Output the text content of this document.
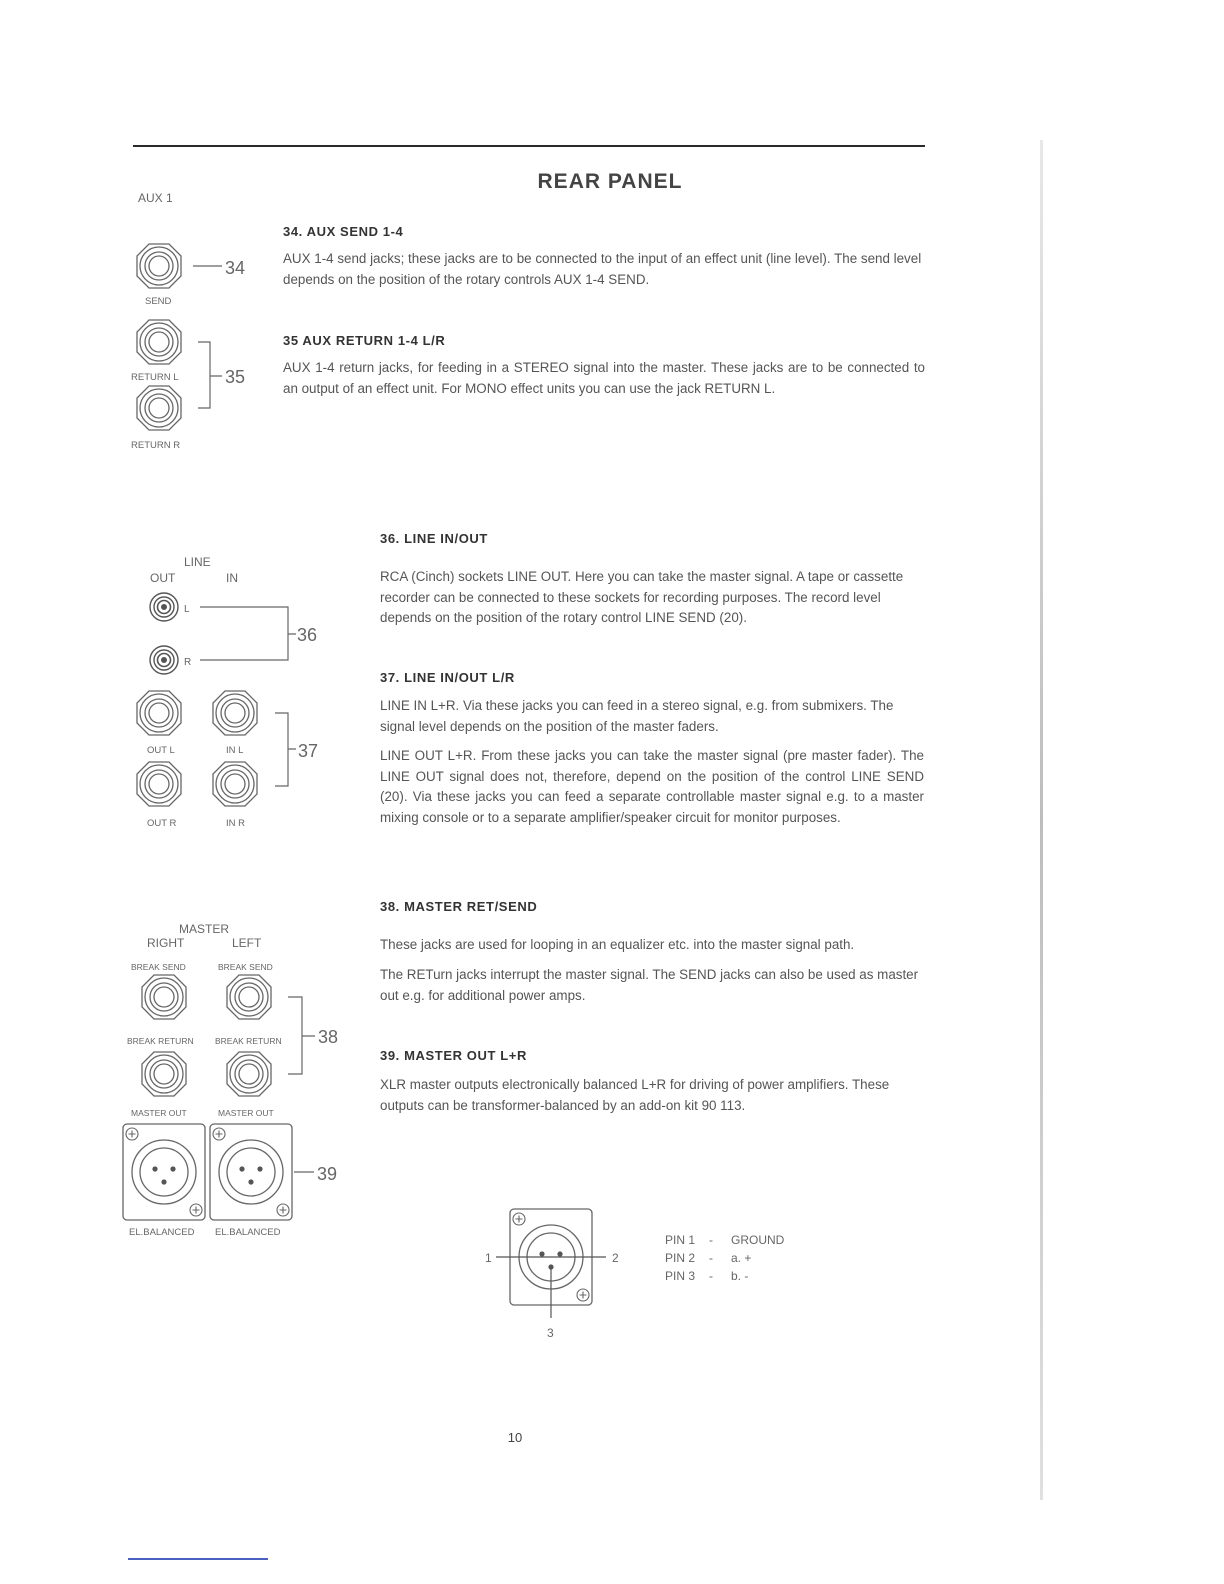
REAR PANEL
34. AUX SEND 1-4
AUX 1-4 send jacks; these jacks are to be connected to the input of an effect unit (line level). The send level depends on the position of the rotary controls AUX 1-4 SEND.
35 AUX RETURN 1-4 L/R
AUX 1-4 return jacks, for feeding in a STEREO signal into the master. These jacks are to be connected to an output of an effect unit. For MONO effect units you can use the jack RETURN L.
36. LINE IN/OUT
RCA (Cinch) sockets LINE OUT. Here you can take the master signal. A tape or cassette recorder can be connected to these sockets for recording purposes. The record level depends on the position of the rotary control LINE SEND (20).
37. LINE IN/OUT L/R
LINE IN L+R. Via these jacks you can feed in a stereo signal, e.g. from submixers. The signal level depends on the position of the master faders.
LINE OUT L+R. From these jacks you can take the master signal (pre master fader). The LINE OUT signal does not, therefore, depend on the position of the control LINE SEND (20). Via these jacks you can feed a separate controllable master signal e.g. to a master mixing console or to a separate amplifier/speaker circuit for monitor purposes.
38. MASTER RET/SEND
These jacks are used for looping in an equalizer etc. into the master signal path.
The RETurn jacks interrupt the master signal. The SEND jacks can also be used as master out e.g. for additional power amps.
39. MASTER OUT L+R
XLR master outputs electronically balanced L+R for driving of power amplifiers. These outputs can be transformer-balanced by an add-on kit 90 113.
AUX 1
SEND
34
RETURN L
RETURN R
35
LINE
OUT	IN
L
R
36
OUT L	IN L
OUT R	IN R
37
MASTER
RIGHT	LEFT
BREAK SEND	BREAK SEND
BREAK RETURN	BREAK RETURN 38
MASTER OUT	MASTER OUT
39
EL.BALANCED EL.BALANCED
1	2
3
PIN 1 - GROUND
PIN 2 - a. +
PIN 3 - b. -
10
